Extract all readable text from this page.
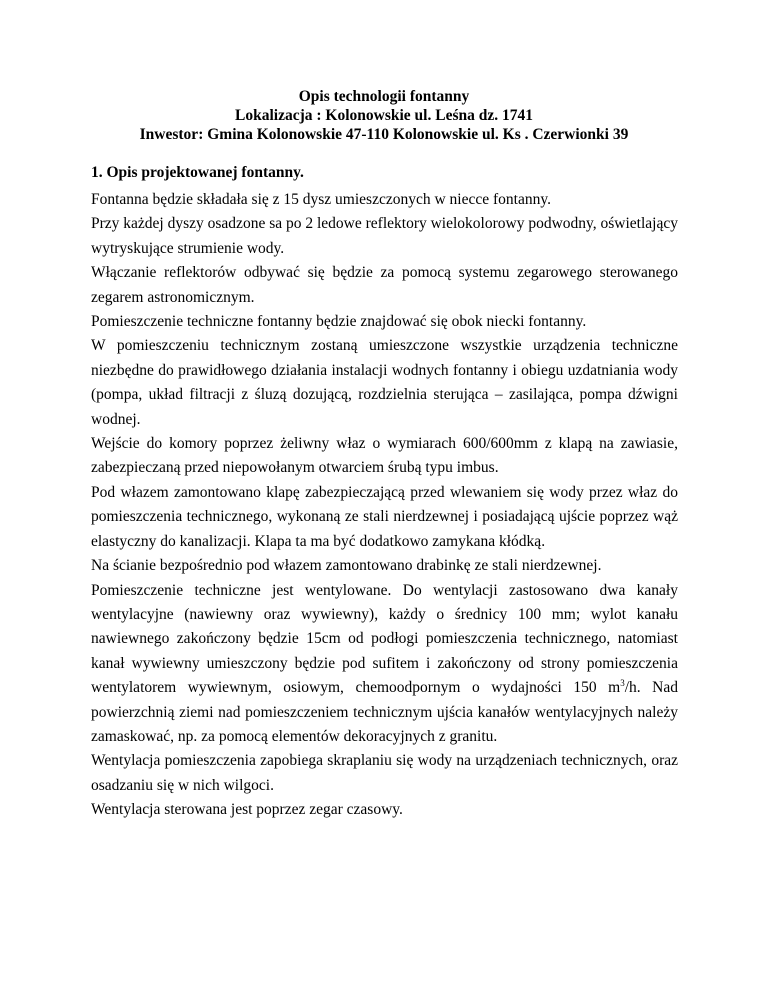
Opis technologii fontanny
Lokalizacja : Kolonowskie ul. Leśna dz. 1741
Inwestor: Gmina Kolonowskie 47-110 Kolonowskie ul. Ks . Czerwionki 39
1. Opis projektowanej fontanny.

Fontanna będzie składała się z 15 dysz umieszczonych w niecce fontanny.

Przy każdej dyszy osadzone sa po 2 ledowe reflektory wielokolorowy podwodny, oświetlający wytryskujące strumienie wody.

Włączanie reflektorów odbywać się będzie za pomocą systemu zegarowego sterowanego zegarem astronomicznym.

Pomieszczenie techniczne fontanny będzie znajdować się obok niecki fontanny.

W pomieszczeniu technicznym zostaną umieszczone wszystkie urządzenia techniczne niezbędne do prawidłowego działania instalacji wodnych fontanny i obiegu uzdatniania wody (pompa, układ filtracji z śluzą dozującą, rozdzielnia sterująca – zasilająca, pompa dźwigni wodnej.

Wejście do komory poprzez żeliwny właz o wymiarach 600/600mm z klapą na zawiasie, zabezpieczaną przed niepowołanym otwarciem śrubą typu imbus.

Pod włazem zamontowano klapę zabezpieczającą przed wlewaniem się wody przez właz do pomieszczenia technicznego, wykonaną ze stali nierdzewnej i posiadającą ujście poprzez wąż elastyczny do kanalizacji. Klapa ta ma być dodatkowo zamykana kłódką.

Na ścianie bezpośrednio pod włazem zamontowano drabinkę ze stali nierdzewnej.

Pomieszczenie techniczne jest wentylowane. Do wentylacji zastosowano dwa kanały wentylacyjne (nawiewny oraz wywiewny), każdy o średnicy 100 mm; wylot kanału nawiewnego zakończony będzie 15cm od podłogi pomieszczenia technicznego, natomiast kanał wywiewny umieszczony będzie pod sufitem i zakończony od strony pomieszczenia wentylatorem wywiewnym, osiowym, chemoodpornym o wydajności 150 $m^3/h$. Nad powierzchnią ziemi nad pomieszczeniem technicznym ujścia kanałów wentylacyjnych należy zamaskować, np. za pomocą elementów dekoracyjnych z granitu.

Wentylacja pomieszczenia zapobiega skraplaniu się wody na urządzeniach technicznych, oraz osadzaniu się w nich wilgoci.

Wentylacja sterowana jest poprzez zegar czasowy.
